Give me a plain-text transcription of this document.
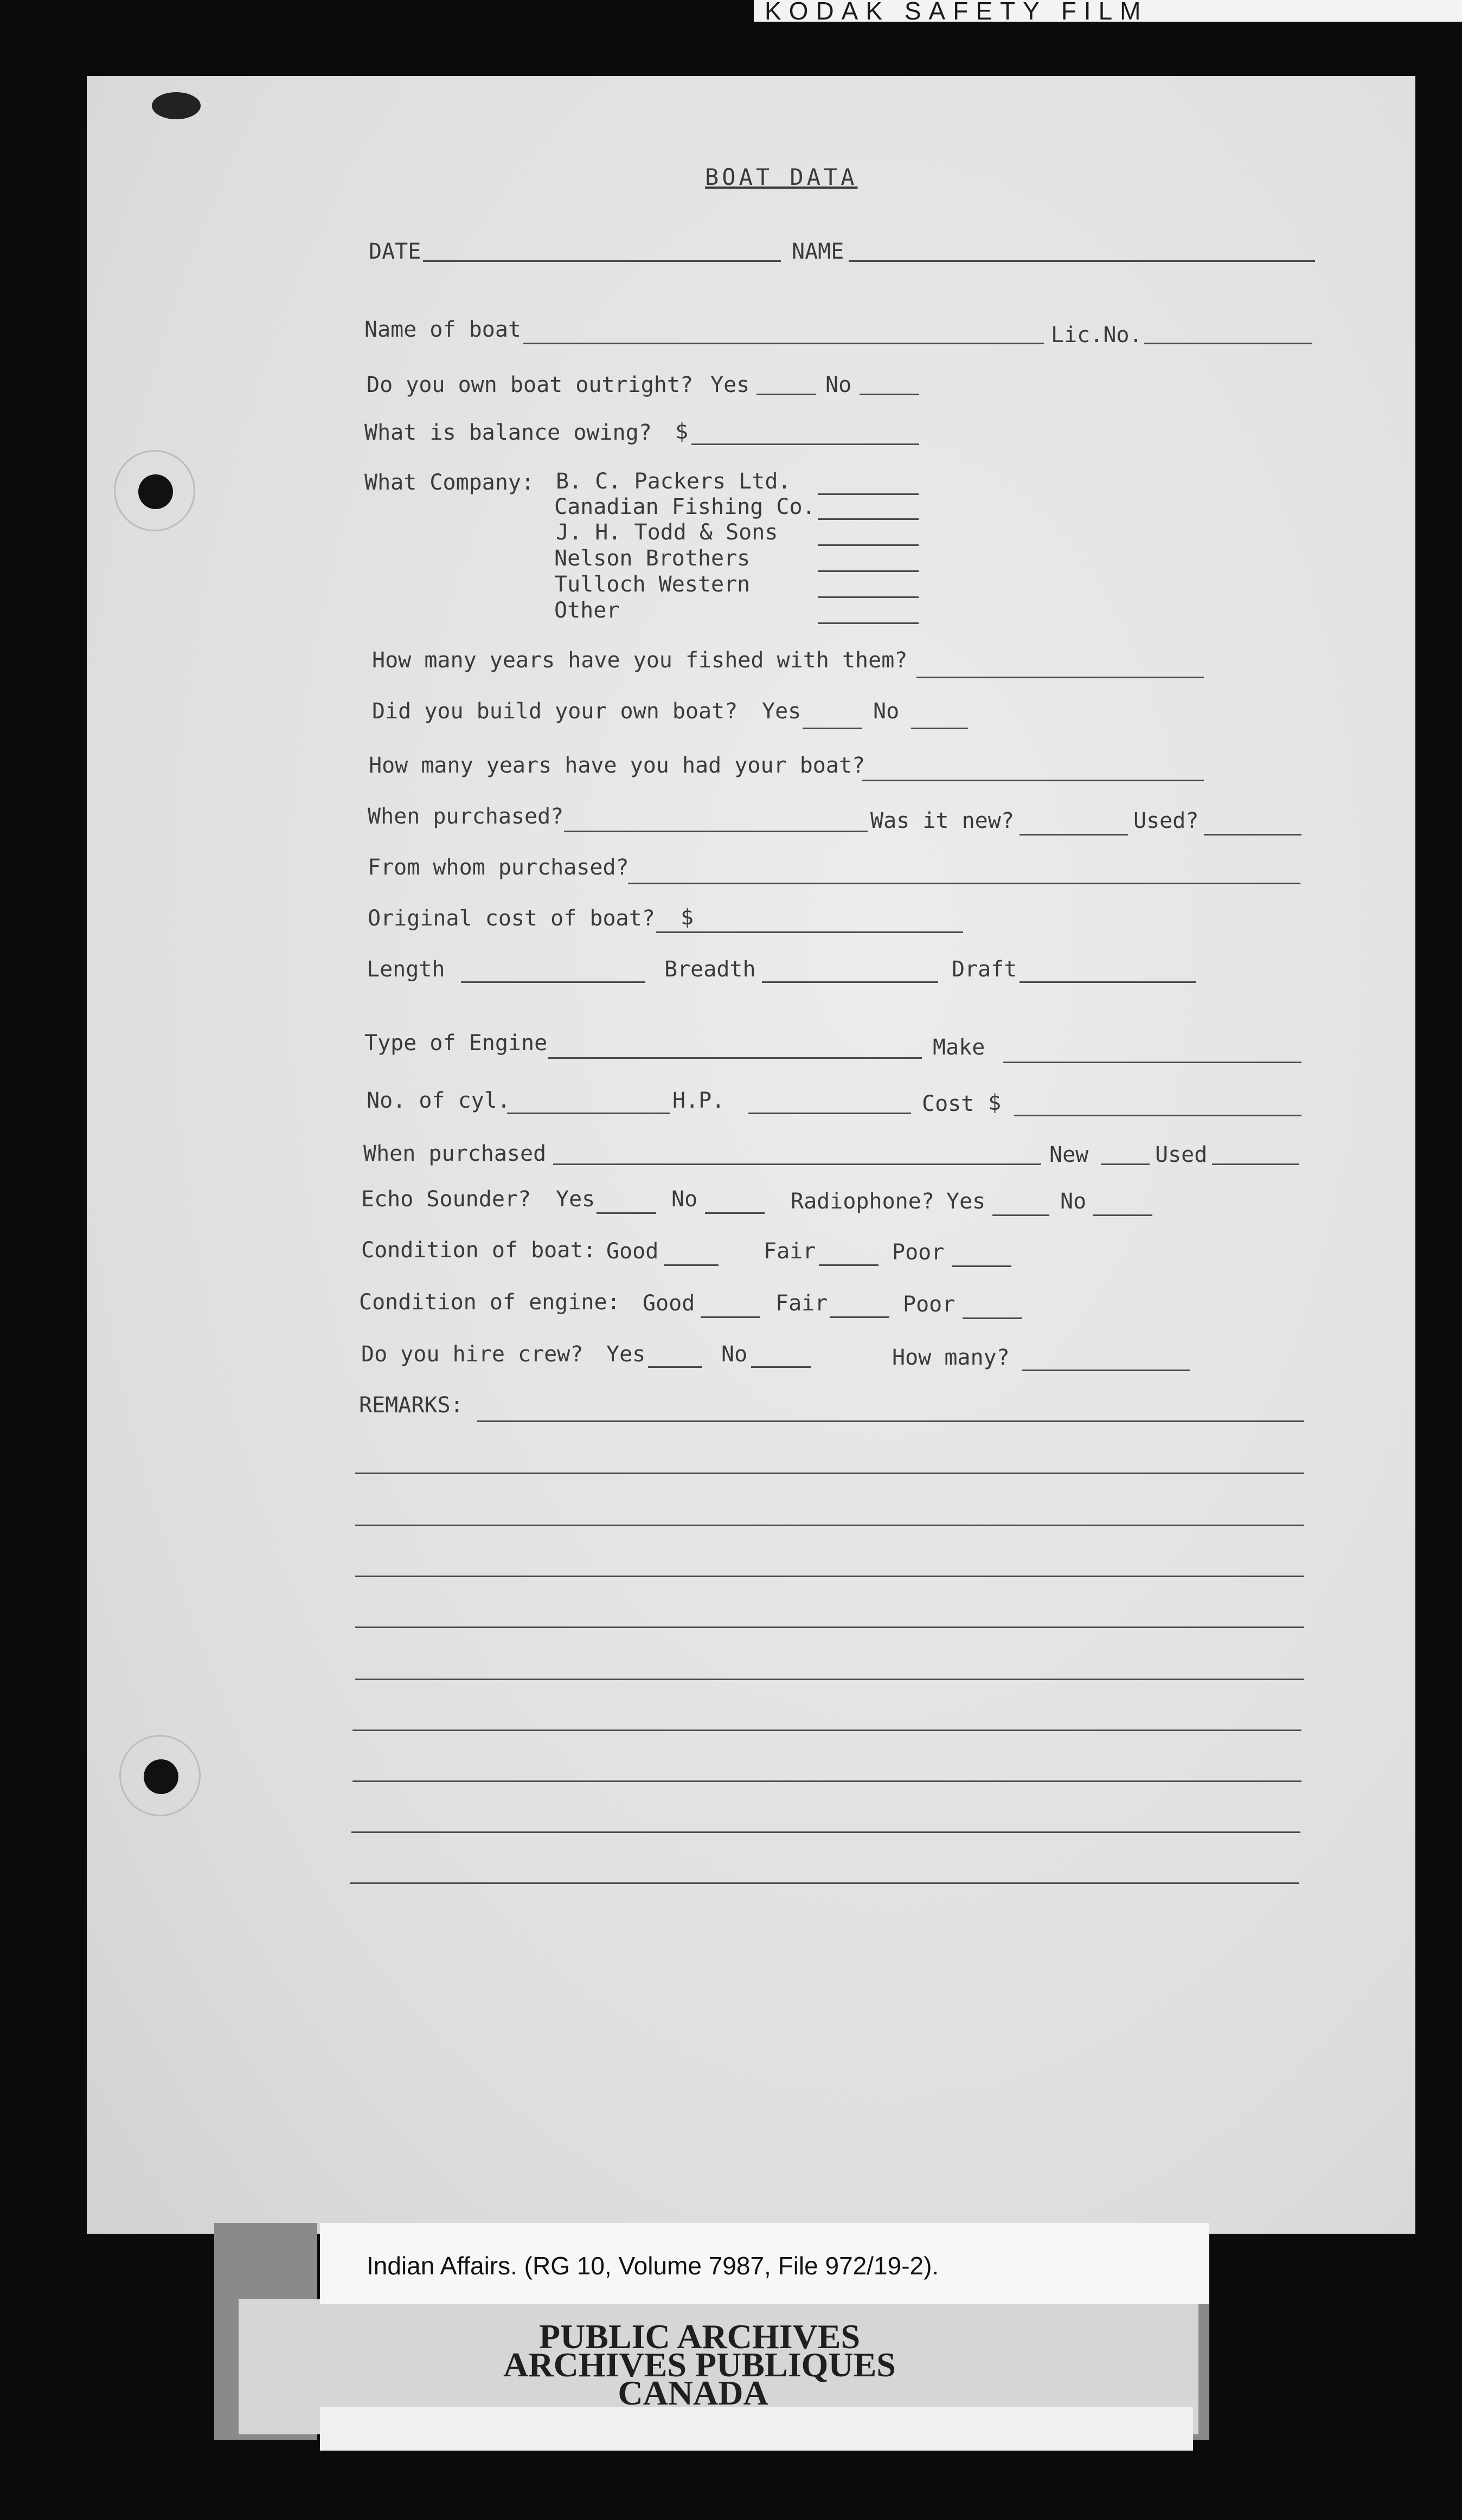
KODAK SAFETY FILM
BOAT DATA
DATE	NAME
Name of boat	Lic.No.
Do you own boat outright? Yes	No
What is balance owing? $
What Company: B. C. Packers Ltd.
Canadian Fishing Co.
J. H. Todd & Sons
Nelson Brothers
Tulloch Western
Other
How many years have you fished with them?
Did you build your own boat? Yes	No
How many years have you had your boat?
When purchased?	Was it new?	Used?
From whom purchased?
Original cost of boat? $
Length	Breadth	Draft
Type of Engine	Make
No. of cyl.	H.P.	Cost $
When purchased	New	Used
Echo Sounder? Yes	No	Radiophone? Yes	No
Condition of boat: Good	Fair	Poor
Condition of engine: Good	Fair	Poor
Do you hire crew? Yes	No	How many?
REMARKS:
Indian Affairs. (RG 10, Volume 7987, File 972/19-2).
PUBLIC ARCHIVES
ARCHIVES PUBLIQUES
CANADA
